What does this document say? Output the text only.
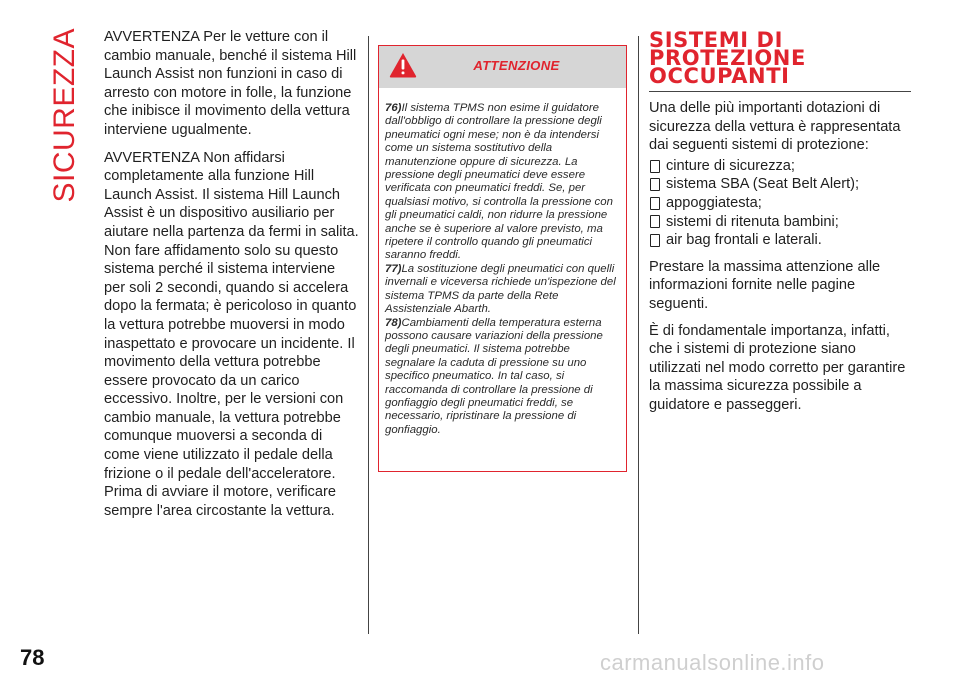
SICUREZZA
78

AVVERTENZA Per le vetture con il cambio manuale, benché il sistema Hill Launch Assist non funzioni in caso di arresto con motore in folle, la funzione che inibisce il movimento della vettura interviene ugualmente.

AVVERTENZA Non affidarsi completamente alla funzione Hill Launch Assist. Il sistema Hill Launch Assist è un dispositivo ausiliario per aiutare nella partenza da fermi in salita. Non fare affidamento solo su questo sistema perché il sistema interviene per soli 2 secondi, quando si accelera dopo la fermata; è pericoloso in quanto la vettura potrebbe muoversi in modo inaspettato e provocare un incidente. Il movimento della vettura potrebbe essere provocato da un carico eccessivo. Inoltre, per le versioni con cambio manuale, la vettura potrebbe comunque muoversi a seconda di come viene utilizzato il pedale della frizione o il pedale dell'acceleratore. Prima di avviare il motore, verificare sempre l'area circostante la vettura.

ATTENZIONE

76)Il sistema TPMS non esime il guidatore dall'obbligo di controllare la pressione degli pneumatici ogni mese; non è da intendersi come un sistema sostitutivo della manutenzione oppure di sicurezza. La pressione degli pneumatici deve essere verificata con pneumatici freddi. Se, per qualsiasi motivo, si controlla la pressione con gli pneumatici caldi, non ridurre la pressione anche se è superiore al valore previsto, ma ripetere il controllo quando gli pneumatici saranno freddi.

77)La sostituzione degli pneumatici con quelli invernali e viceversa richiede un'ispezione del sistema TPMS da parte della Rete Assistenziale Abarth.

78)Cambiamenti della temperatura esterna possono causare variazioni della pressione degli pneumatici. Il sistema potrebbe segnalare la caduta di pressione su uno specifico pneumatico. In tal caso, si raccomanda di controllare la pressione di gonfiaggio degli pneumatici freddi, se necessario, ripristinare la pressione di gonfiaggio.

SISTEMI DI
PROTEZIONE
OCCUPANTI

Una delle più importanti dotazioni di sicurezza della vettura è rappresentata dai seguenti sistemi di protezione:

cinture di sicurezza;
sistema SBA (Seat Belt Alert);
appoggiatesta;
sistemi di ritenuta bambini;
air bag frontali e laterali.

Prestare la massima attenzione alle informazioni fornite nelle pagine seguenti.

È di fondamentale importanza, infatti, che i sistemi di protezione siano utilizzati nel modo corretto per garantire la massima sicurezza possibile a guidatore e passeggeri.

carmanualsonline.info
